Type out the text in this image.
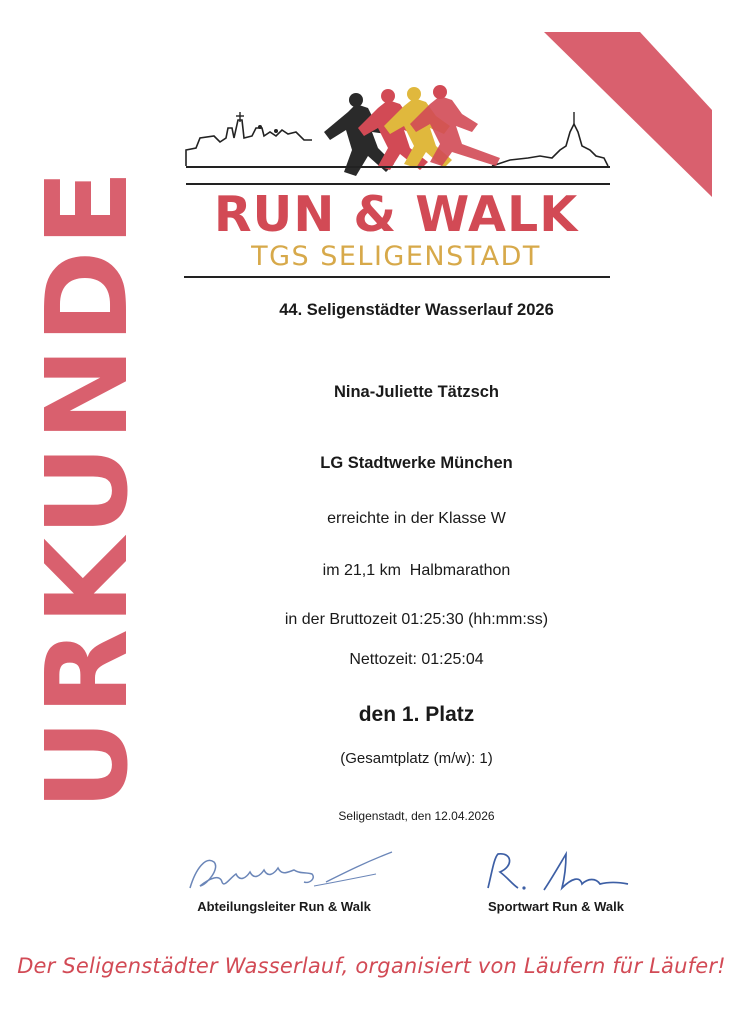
URKUNDE	RUN & WALK
TGS SELIGENSTADT
44. Seligenstädter Wasserlauf 2026
Nina-Juliette Tätzsch
LG Stadtwerke München
erreichte in der Klasse W
im 21,1 km  Halbmarathon
in der Bruttozeit 01:25:30 (hh:mm:ss)
Nettozeit: 01:25:04
den 1. Platz
(Gesamtplatz (m/w): 1)
Seligenstadt, den 12.04.2026
Abteilungsleiter Run & Walk	Sportwart Run & Walk
Der Seligenstädter Wasserlauf, organisiert von Läufern für Läufer!
